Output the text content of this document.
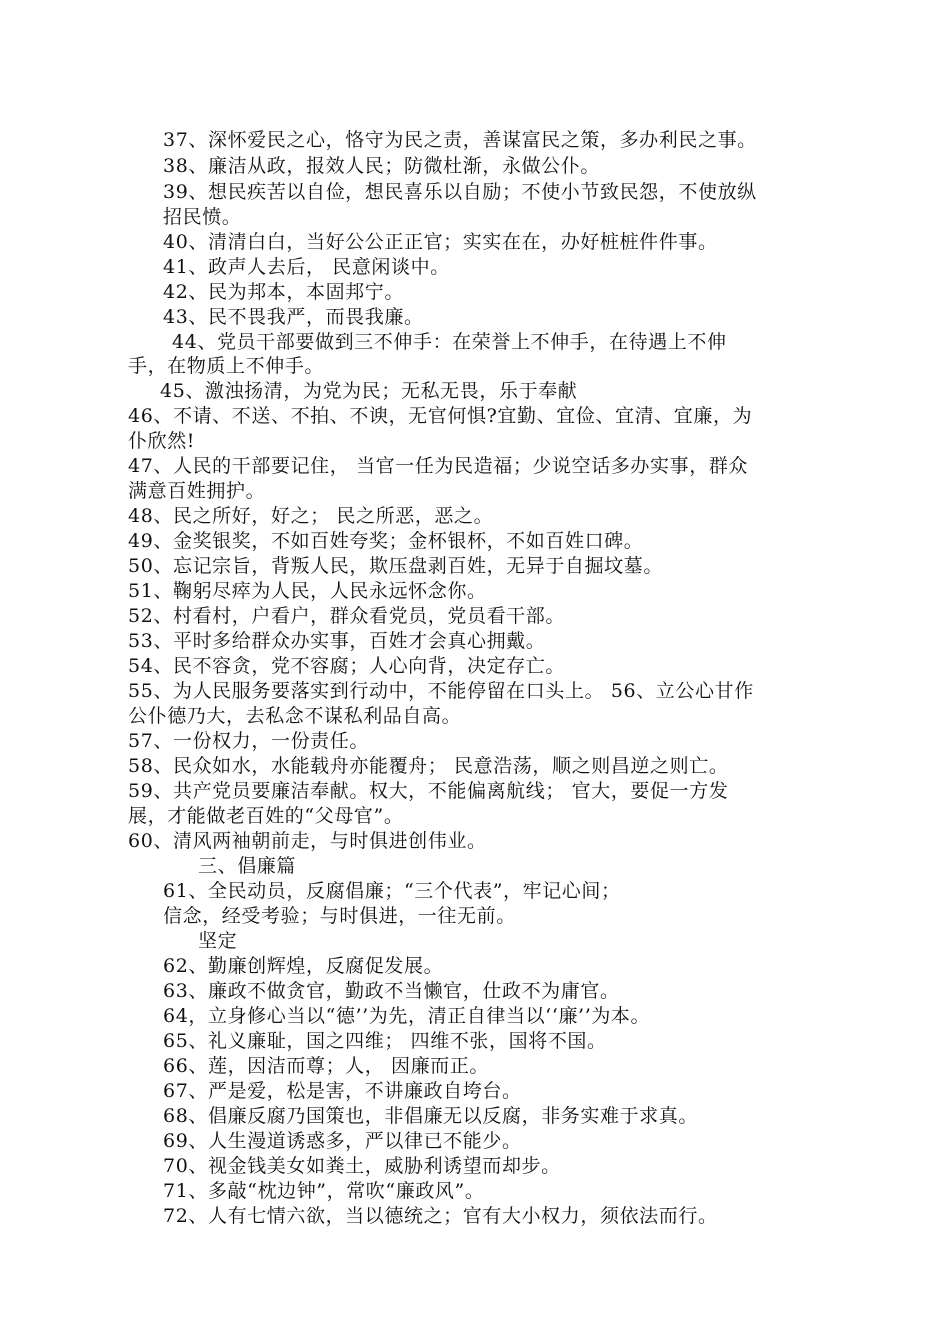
37、深怀爱民之心，恪守为民之责，善谋富民之策，多办利民之事。
38、廉洁从政，报效人民；防微杜渐，永做公仆。
39、想民疾苦以自俭，想民喜乐以自励；不使小节致民怨，不使放纵
招民愤。
40、清清白白，当好公公正正官；实实在在，办好桩桩件件事。
41、政声人去后， 民意闲谈中。
42、民为邦本，本固邦宁。
43、民不畏我严，而畏我廉。
44、党员干部要做到三不伸手：在荣誉上不伸手，在待遇上不伸
手，在物质上不伸手。
45、激浊扬清，为党为民；无私无畏，乐于奉献
46、不请、不送、不拍、不谀，无官何惧?宜勤、宜俭、宜清、宜廉，为
仆欣然!
47、人民的干部要记住， 当官一任为民造福；少说空话多办实事，群众
满意百姓拥护。
48、民之所好，好之； 民之所恶，恶之。
49、金奖银奖，不如百姓夸奖；金杯银杯，不如百姓口碑。
50、忘记宗旨，背叛人民，欺压盘剥百姓，无异于自掘坟墓。
51、鞠躬尽瘁为人民，人民永远怀念你。
52、村看村，户看户，群众看党员，党员看干部。
53、平时多给群众办实事，百姓才会真心拥戴。
54、民不容贪，党不容腐；人心向背，决定存亡。
55、为人民服务要落实到行动中，不能停留在口头上。 56、立公心甘作
公仆德乃大，去私念不谋私利品自高。
57、一份权力，一份责任。
58、民众如水，水能载舟亦能覆舟； 民意浩荡，顺之则昌逆之则亡。
59、共产党员要廉洁奉献。权大，不能偏离航线； 官大，要促一方发
展，才能做老百姓的“父母官”。
60、清风两袖朝前走，与时俱进创伟业。
三、倡廉篇
61、全民动员，反腐倡廉；“三个代表”，牢记心间；
信念，经受考验；与时俱进，一往无前。
坚定
62、勤廉创辉煌，反腐促发展。
63、廉政不做贪官，勤政不当懒官，仕政不为庸官。
64，立身修心当以“德’’为先，清正自律当以‘‘廉’’为本。
65、礼义廉耻，国之四维； 四维不张，国将不国。
66、莲，因洁而尊；人， 因廉而正。
67、严是爱，松是害，不讲廉政自垮台。
68、倡廉反腐乃国策也，非倡廉无以反腐，非务实难于求真。
69、人生漫道诱惑多，严以律已不能少。
70、视金钱美女如粪土，威胁利诱望而却步。
71、多敲“枕边钟”，常吹“廉政风”。
72、人有七情六欲，当以德统之；官有大小权力，须依法而行。
